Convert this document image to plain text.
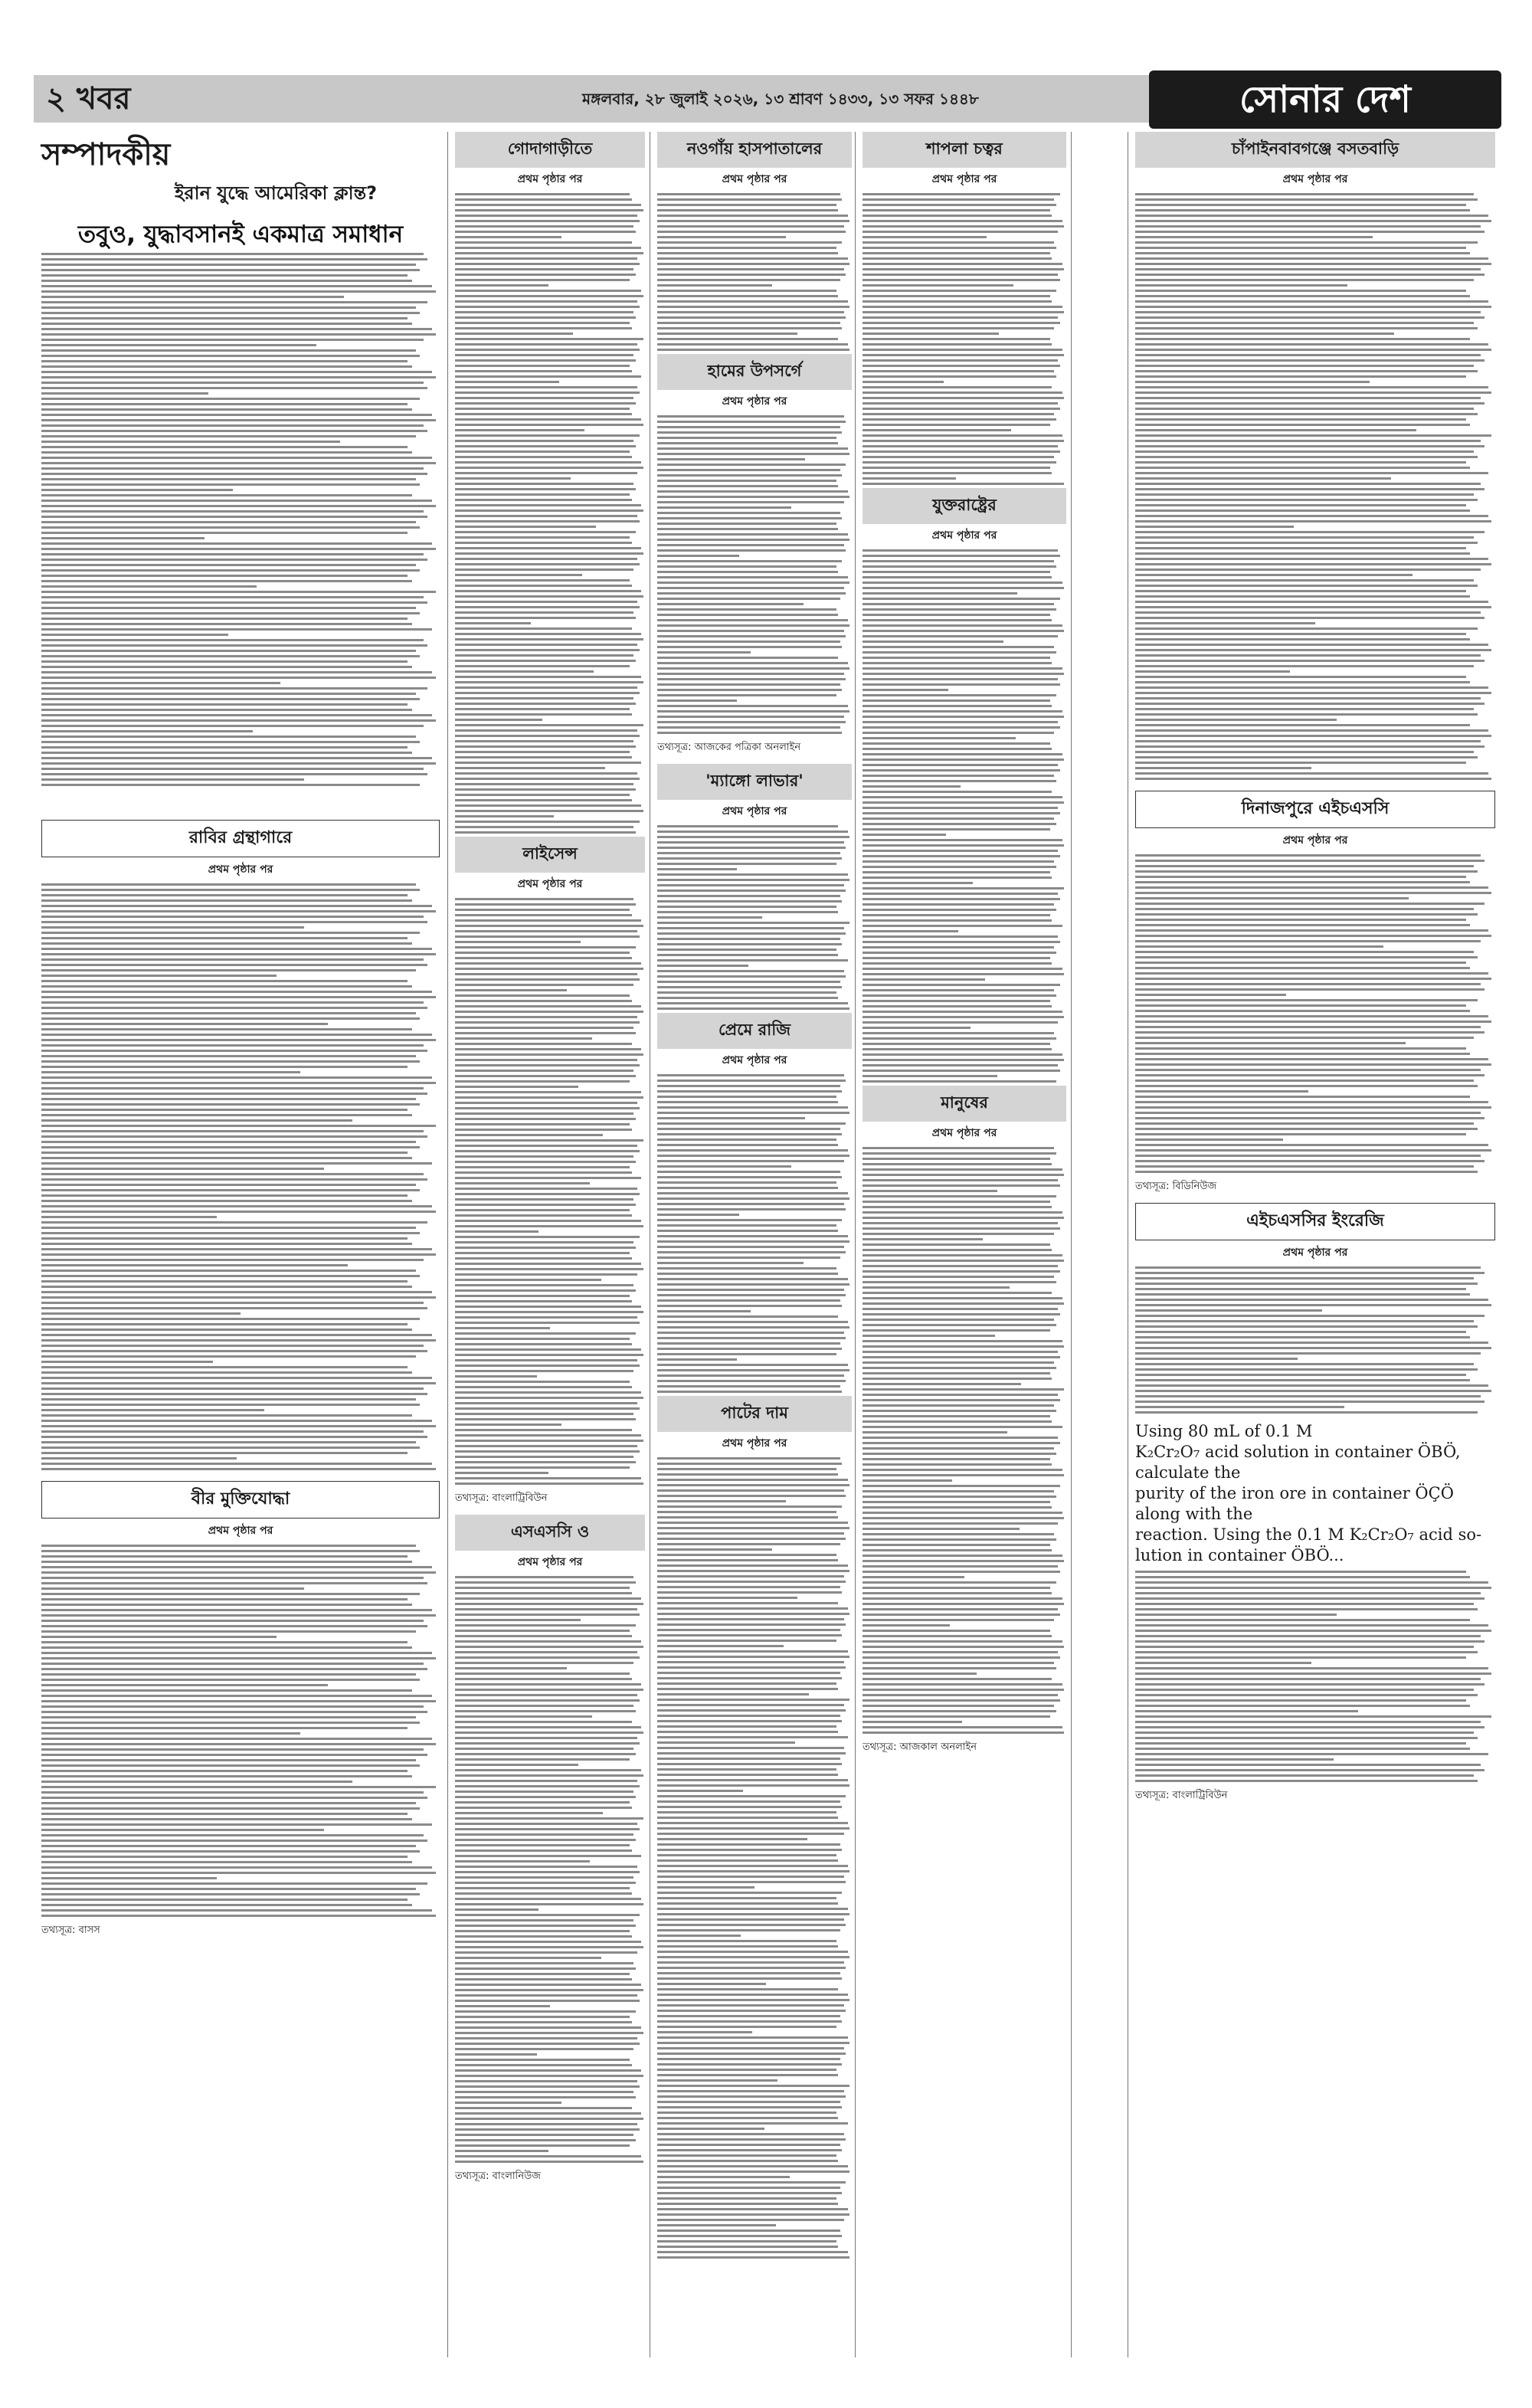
২ খবর	মঙ্গলবার, ২৮ জুলাই ২০২৬, ১৩ শ্রাবণ ১৪৩৩, ১৩ সফর ১৪৪৮	সোনার দেশ
সম্পাদকীয়
ইরান যুদ্ধে আমেরিকা ক্লান্ত?
তবুও, যুদ্ধাবসানই একমাত্র সমাধান
রাবির গ্রন্থাগারে
প্রথম পৃষ্ঠার পর
বীর মুক্তিযোদ্ধা
প্রথম পৃষ্ঠার পর
তথ্যসূত্র: বাসস
গোদাগাড়ীতে
প্রথম পৃষ্ঠার পর
লাইসেন্স
প্রথম পৃষ্ঠার পর
তথ্যসূত্র: বাংলাট্রিবিউন
এসএসসি ও
প্রথম পৃষ্ঠার পর
তথ্যসূত্র: বাংলানিউজ
নওগাঁয় হাসপাতালের
প্রথম পৃষ্ঠার পর
হামের উপসর্গে
প্রথম পৃষ্ঠার পর
তথ্যসূত্র: আজকের পত্রিকা অনলাইন
'ম্যাঙ্গো লাভার'
প্রথম পৃষ্ঠার পর
প্রেমে রাজি
প্রথম পৃষ্ঠার পর
পাটের দাম
প্রথম পৃষ্ঠার পর
শাপলা চত্বর
প্রথম পৃষ্ঠার পর
যুক্তরাষ্ট্রের
প্রথম পৃষ্ঠার পর
মানুষের
প্রথম পৃষ্ঠার পর
তথ্যসূত্র: আজকাল অনলাইন
চাঁপাইনবাবগঞ্জে বসতবাড়ি
প্রথম পৃষ্ঠার পর
দিনাজপুরে এইচএসসি
প্রথম পৃষ্ঠার পর
তথ্যসূত্র: বিডিনিউজ
এইচএসসির ইংরেজি
প্রথম পৃষ্ঠার পর
Using 80 mL of 0.1 M
K₂Cr₂O₇ acid solution in container ÖBÖ, calculate the
purity of the iron ore in container ÖÇÖ along with the
reaction. Using the 0.1 M K₂Cr₂O₇ acid so-
lution in container ÖBÖ...
তথ্যসূত্র: বাংলাট্রিবিউন
